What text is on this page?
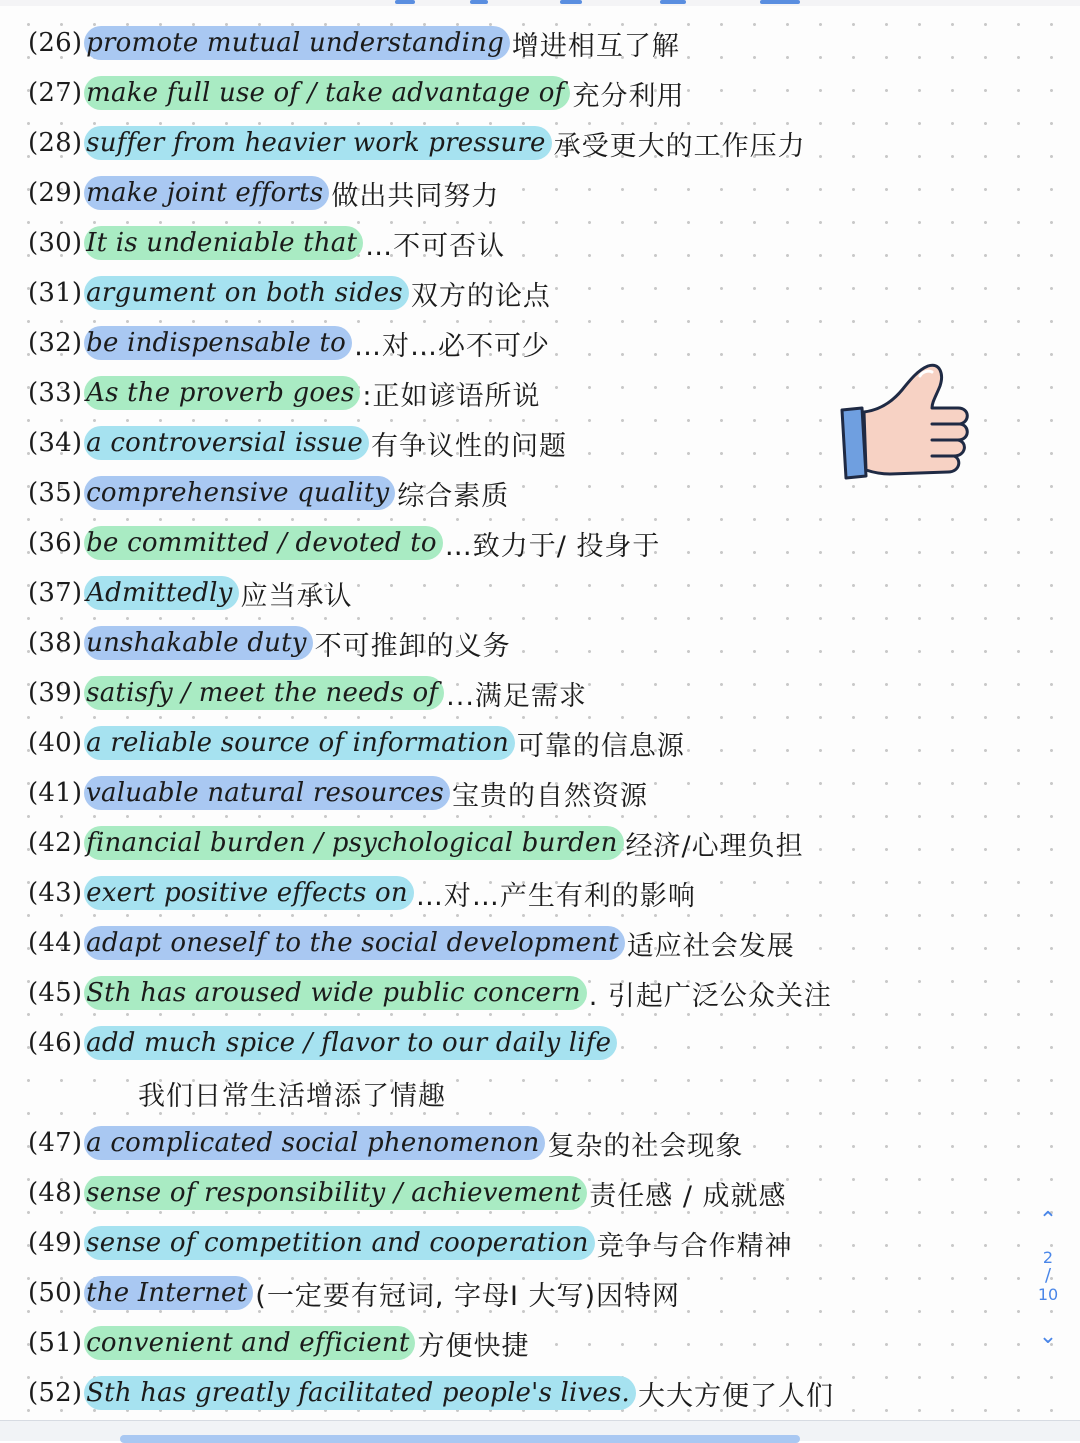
(26) promote mutual understanding 增进相互了解
(27) make full use of / take advantage of 充分利用
(28) suffer from heavier work pressure 承受更大的工作压力
(29) make joint efforts 做出共同努力
(30) It is undeniable that …不可否认
(31) argument on both sides 双方的论点
(32) be indispensable to …对…必不可少
(33) As the proverb goes :正如谚语所说
(34) a controversial issue 有争议性的问题
(35) comprehensive quality 综合素质
(36) be committed / devoted to …致力于/ 投身于
(37) Admittedly 应当承认
(38) unshakable duty 不可推卸的义务
(39) satisfy / meet the needs of ...满足需求
(40) a reliable source of information 可靠的信息源
(41) valuable natural resources 宝贵的自然资源
(42) financial burden / psychological burden 经济/心理负担
(43) exert positive effects on …对…产生有利的影响
(44) adapt oneself to the social development 适应社会发展
(45) Sth has aroused wide public concern . 引起广泛公众关注
(46) add much spice / flavor to our daily life
我们日常生活增添了情趣
(47) a complicated social phenomenon 复杂的社会现象
(48) sense of responsibility / achievement 责任感 / 成就感
(49) sense of competition and cooperation 竞争与合作精神
(50) the Internet (一定要有冠词, 字母I 大写)因特网
(51) convenient and efficient 方便快捷
(52) Sth has greatly facilitated people's lives. 大大方便了人们
⌃
2
/
10
⌄
